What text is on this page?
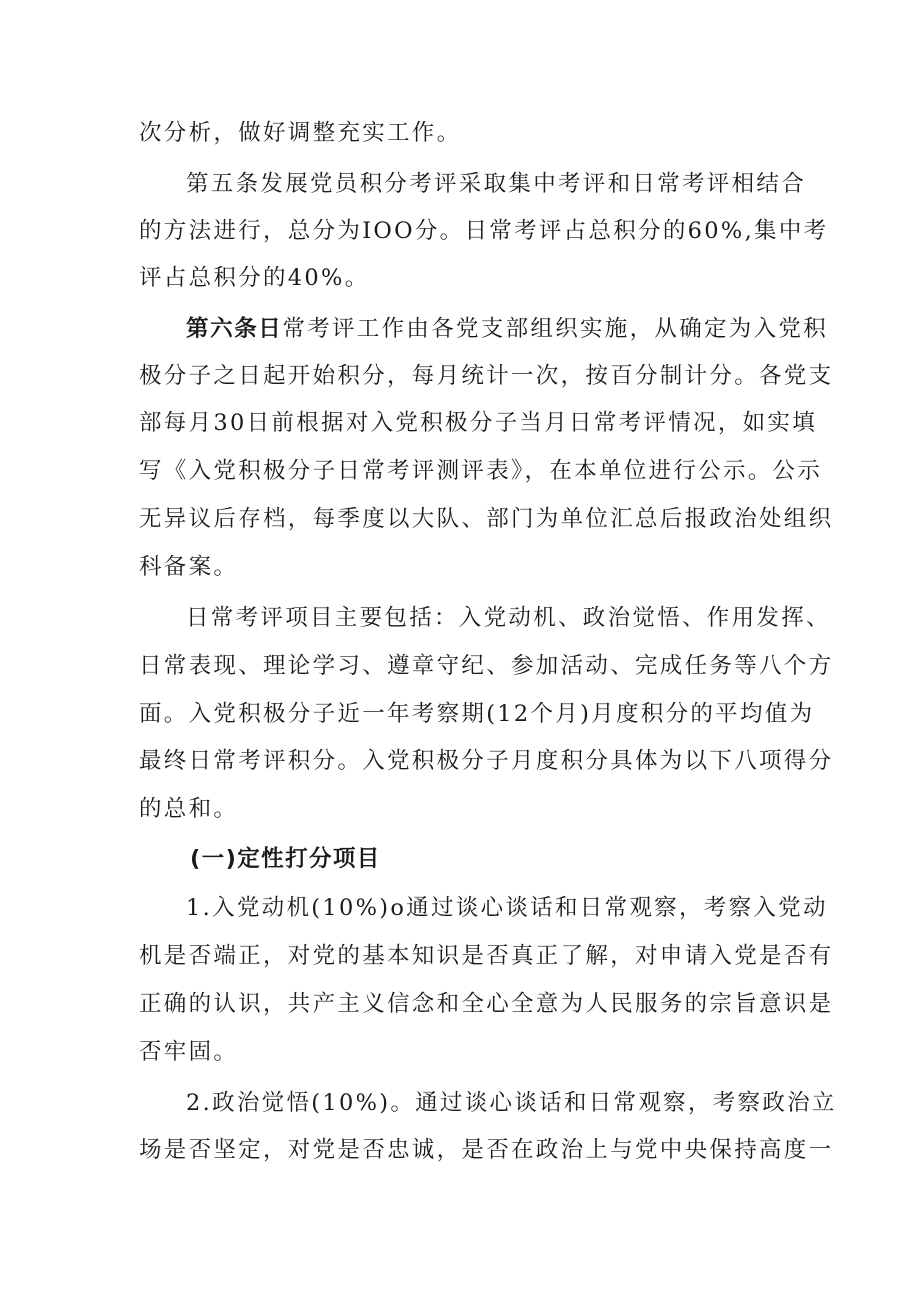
次分析，做好调整充实工作。
第五条发展党员积分考评采取集中考评和日常考评相结合
的方法进行，总分为IOO分。日常考评占总积分的60%,集中考
评占总积分的40%。
第六条日常考评工作由各党支部组织实施，从确定为入党积
极分子之日起开始积分，每月统计一次，按百分制计分。各党支
部每月30日前根据对入党积极分子当月日常考评情况，如实填
写《入党积极分子日常考评测评表》，在本单位进行公示。公示
无异议后存档，每季度以大队、部门为单位汇总后报政治处组织
科备案。
日常考评项目主要包括：入党动机、政治觉悟、作用发挥、
日常表现、理论学习、遵章守纪、参加活动、完成任务等八个方
面。入党积极分子近一年考察期(12个月)月度积分的平均值为
最终日常考评积分。入党积极分子月度积分具体为以下八项得分
的总和。
(一)定性打分项目
1.入党动机(10%)o通过谈心谈话和日常观察，考察入党动
机是否端正，对党的基本知识是否真正了解，对申请入党是否有
正确的认识，共产主义信念和全心全意为人民服务的宗旨意识是
否牢固。
2.政治觉悟(10%)。通过谈心谈话和日常观察，考察政治立
场是否坚定，对党是否忠诚，是否在政治上与党中央保持高度一
